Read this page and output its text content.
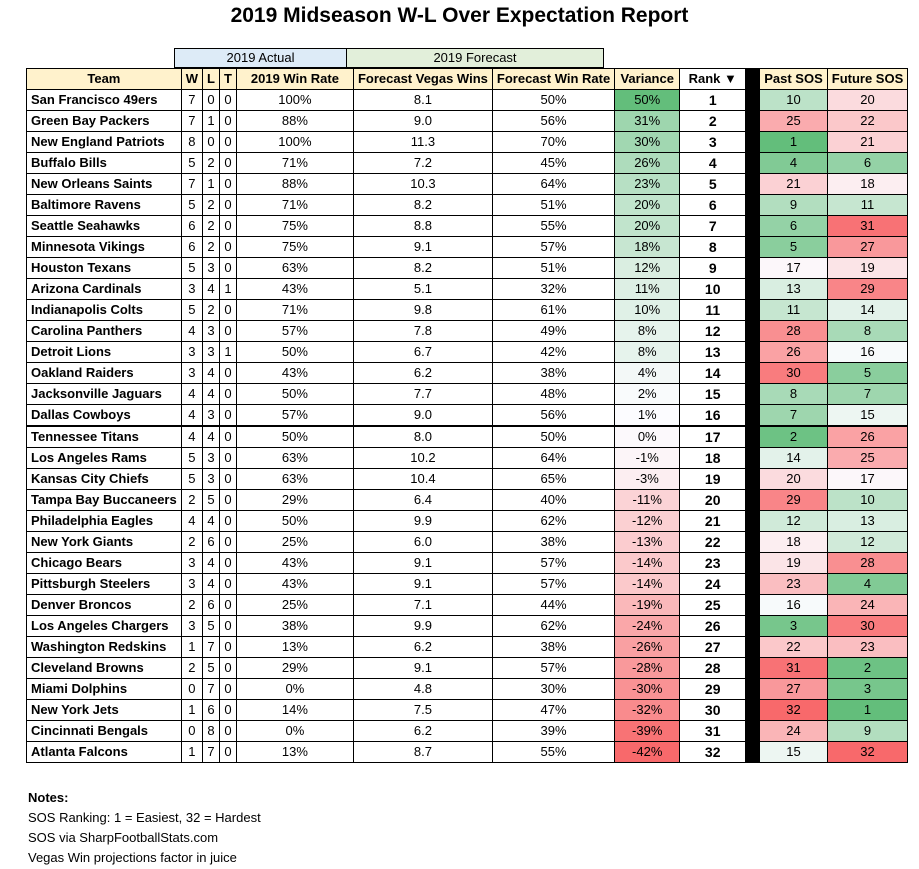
2019 Midseason W-L Over Expectation Report
2019 Actual	2019 Forecast
Team	W	L	T	2019 Win Rate	Forecast Vegas Wins	Forecast Win Rate	Variance	Rank ▼		Past SOS	Future SOS
San Francisco 49ers	7	0	0	100%	8.1	50%	50%	1		10	20
Green Bay Packers	7	1	0	88%	9.0	56%	31%	2		25	22
New England Patriots	8	0	0	100%	11.3	70%	30%	3		1	21
Buffalo Bills	5	2	0	71%	7.2	45%	26%	4		4	6
New Orleans Saints	7	1	0	88%	10.3	64%	23%	5		21	18
Baltimore Ravens	5	2	0	71%	8.2	51%	20%	6		9	11
Seattle Seahawks	6	2	0	75%	8.8	55%	20%	7		6	31
Minnesota Vikings	6	2	0	75%	9.1	57%	18%	8		5	27
Houston Texans	5	3	0	63%	8.2	51%	12%	9		17	19
Arizona Cardinals	3	4	1	43%	5.1	32%	11%	10		13	29
Indianapolis Colts	5	2	0	71%	9.8	61%	10%	11		11	14
Carolina Panthers	4	3	0	57%	7.8	49%	8%	12		28	8
Detroit Lions	3	3	1	50%	6.7	42%	8%	13		26	16
Oakland Raiders	3	4	0	43%	6.2	38%	4%	14		30	5
Jacksonville Jaguars	4	4	0	50%	7.7	48%	2%	15		8	7
Dallas Cowboys	4	3	0	57%	9.0	56%	1%	16		7	15
Tennessee Titans	4	4	0	50%	8.0	50%	0%	17		2	26
Los Angeles Rams	5	3	0	63%	10.2	64%	-1%	18		14	25
Kansas City Chiefs	5	3	0	63%	10.4	65%	-3%	19		20	17
Tampa Bay Buccaneers	2	5	0	29%	6.4	40%	-11%	20		29	10
Philadelphia Eagles	4	4	0	50%	9.9	62%	-12%	21		12	13
New York Giants	2	6	0	25%	6.0	38%	-13%	22		18	12
Chicago Bears	3	4	0	43%	9.1	57%	-14%	23		19	28
Pittsburgh Steelers	3	4	0	43%	9.1	57%	-14%	24		23	4
Denver Broncos	2	6	0	25%	7.1	44%	-19%	25		16	24
Los Angeles Chargers	3	5	0	38%	9.9	62%	-24%	26		3	30
Washington Redskins	1	7	0	13%	6.2	38%	-26%	27		22	23
Cleveland Browns	2	5	0	29%	9.1	57%	-28%	28		31	2
Miami Dolphins	0	7	0	0%	4.8	30%	-30%	29		27	3
New York Jets	1	6	0	14%	7.5	47%	-32%	30		32	1
Cincinnati Bengals	0	8	0	0%	6.2	39%	-39%	31		24	9
Atlanta Falcons	1	7	0	13%	8.7	55%	-42%	32		15	32
Notes:
SOS Ranking: 1 = Easiest, 32 = Hardest
SOS via SharpFootballStats.com
Vegas Win projections factor in juice
